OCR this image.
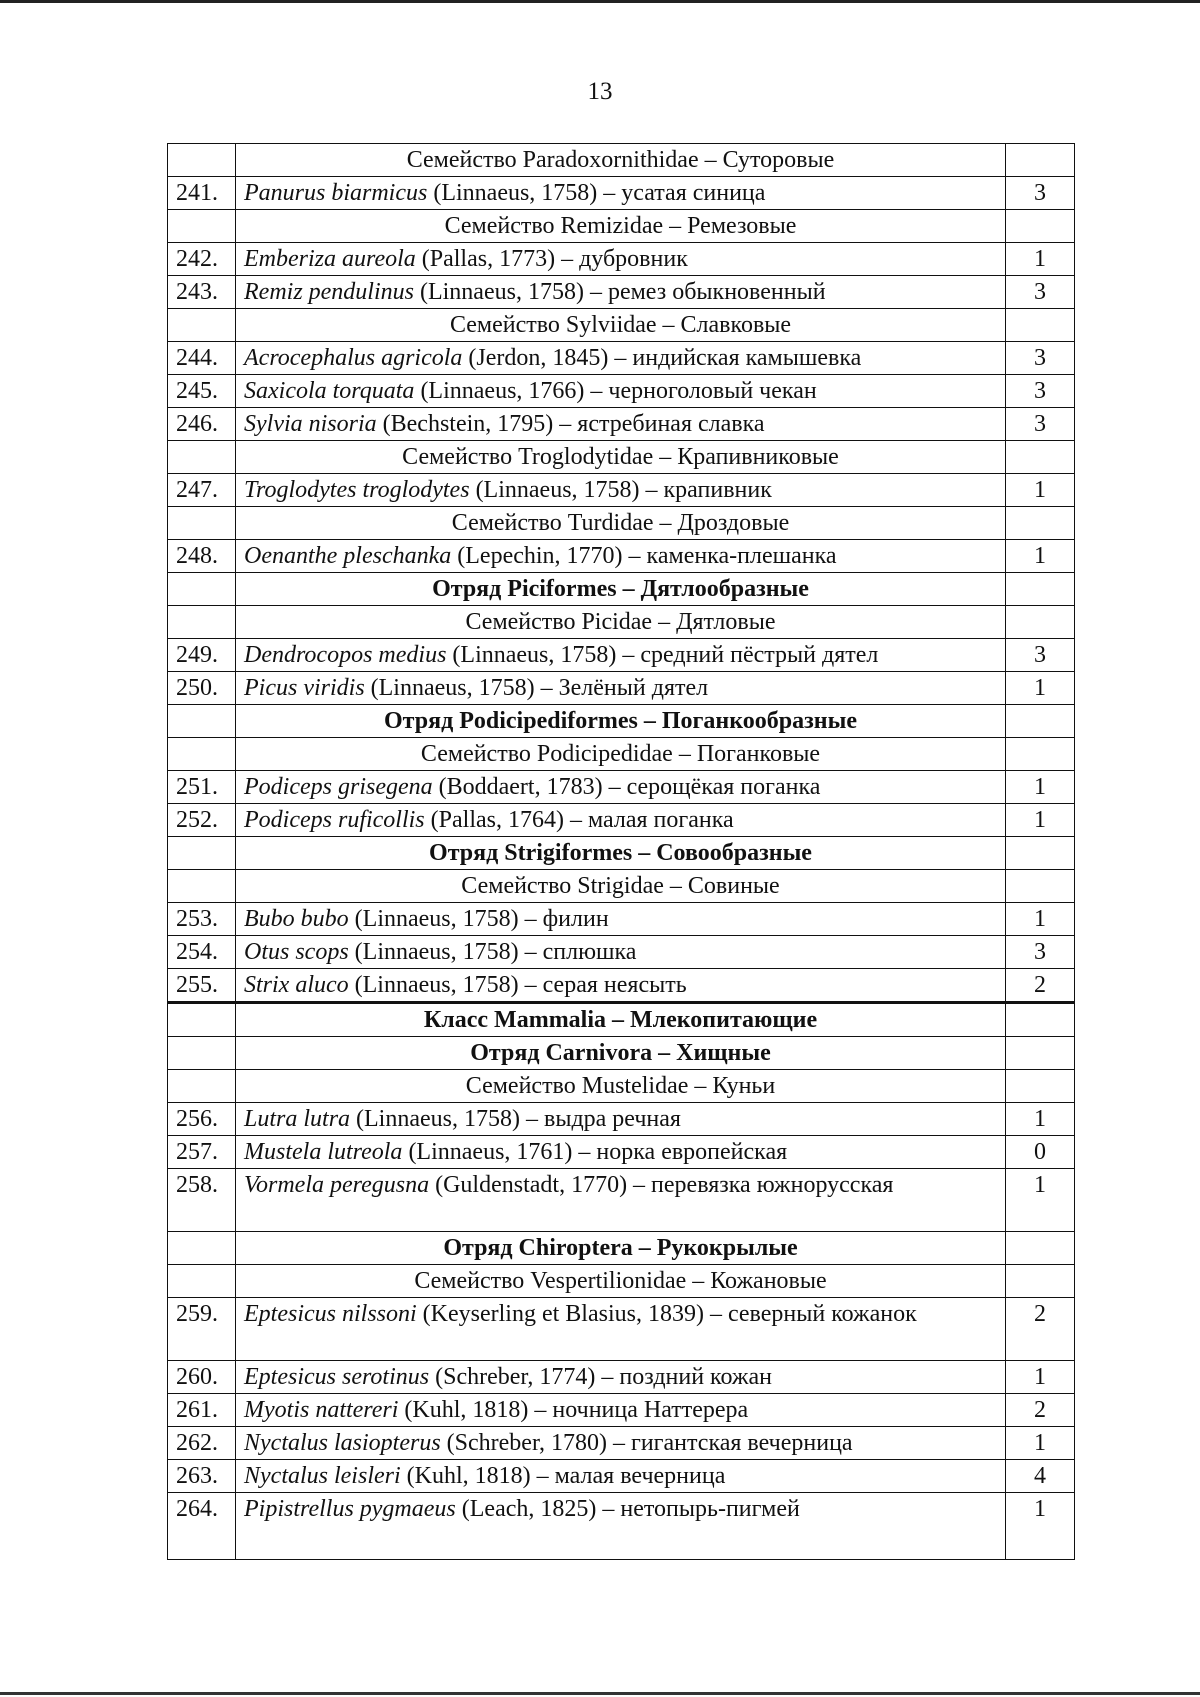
13
	Семейство Paradoxornithidae – Суторовые	
241.	Panurus biarmicus (Linnaeus, 1758) – усатая синица	3
	Семейство Remizidae – Ремезовые	
242.	Emberiza aureola (Pallas, 1773) – дубровник	1
243.	Remiz pendulinus (Linnaeus, 1758) – ремез обыкновенный	3
	Семейство Sylviidae – Славковые	
244.	Acrocephalus agricola (Jerdon, 1845) – индийская камышевка	3
245.	Saxicola torquata (Linnaeus, 1766) – черноголовый чекан	3
246.	Sylvia nisoria (Bechstein, 1795) – ястребиная славка	3
	Семейство Troglodytidae – Крапивниковые	
247.	Troglodytes troglodytes (Linnaeus, 1758) – крапивник	1
	Семейство Turdidae – Дроздовые	
248.	Oenanthe pleschanka (Lepechin, 1770) – каменка-плешанка	1
	Отряд Piciformes – Дятлообразные	
	Семейство Picidae – Дятловые	
249.	Dendrocopos medius (Linnaeus, 1758) – средний пёстрый дятел	3
250.	Picus viridis (Linnaeus, 1758) – Зелёный дятел	1
	Отряд Podicipediformes – Поганкообразные	
	Семейство Podicipedidae – Поганковые	
251.	Podiceps grisegena (Boddaert, 1783) – серощёкая поганка	1
252.	Podiceps ruficollis (Pallas, 1764) – малая поганка	1
	Отряд Strigiformes – Совообразные	
	Семейство Strigidae – Совиные	
253.	Bubo bubo (Linnaeus, 1758) – филин	1
254.	Otus scops (Linnaeus, 1758) – сплюшка	3
255.	Strix aluco (Linnaeus, 1758) – серая неясыть	2
	Класс Mammalia – Млекопитающие	
	Отряд Carnivora – Хищные	
	Семейство Mustelidae – Куньи	
256.	Lutra lutra (Linnaeus, 1758) – выдра речная	1
257.	Mustela lutreola (Linnaeus, 1761) – норка европейская	0
258.	Vormela peregusna (Guldenstadt, 1770) – перевязка южнорусская	1
	Отряд Chiroptera – Рукокрылые	
	Семейство Vespertilionidae – Кожановые	
259.	Eptesicus nilssoni (Keyserling et Blasius, 1839) – северный кожанок	2
260.	Eptesicus serotinus (Schreber, 1774) – поздний кожан	1
261.	Myotis nattereri (Kuhl, 1818) – ночница Наттерера	2
262.	Nyctalus lasiopterus (Schreber, 1780) – гигантская вечерница	1
263.	Nyctalus leisleri (Kuhl, 1818) – малая вечерница	4
264.	Pipistrellus pygmaeus (Leach, 1825) – нетопырь-пигмей	1
